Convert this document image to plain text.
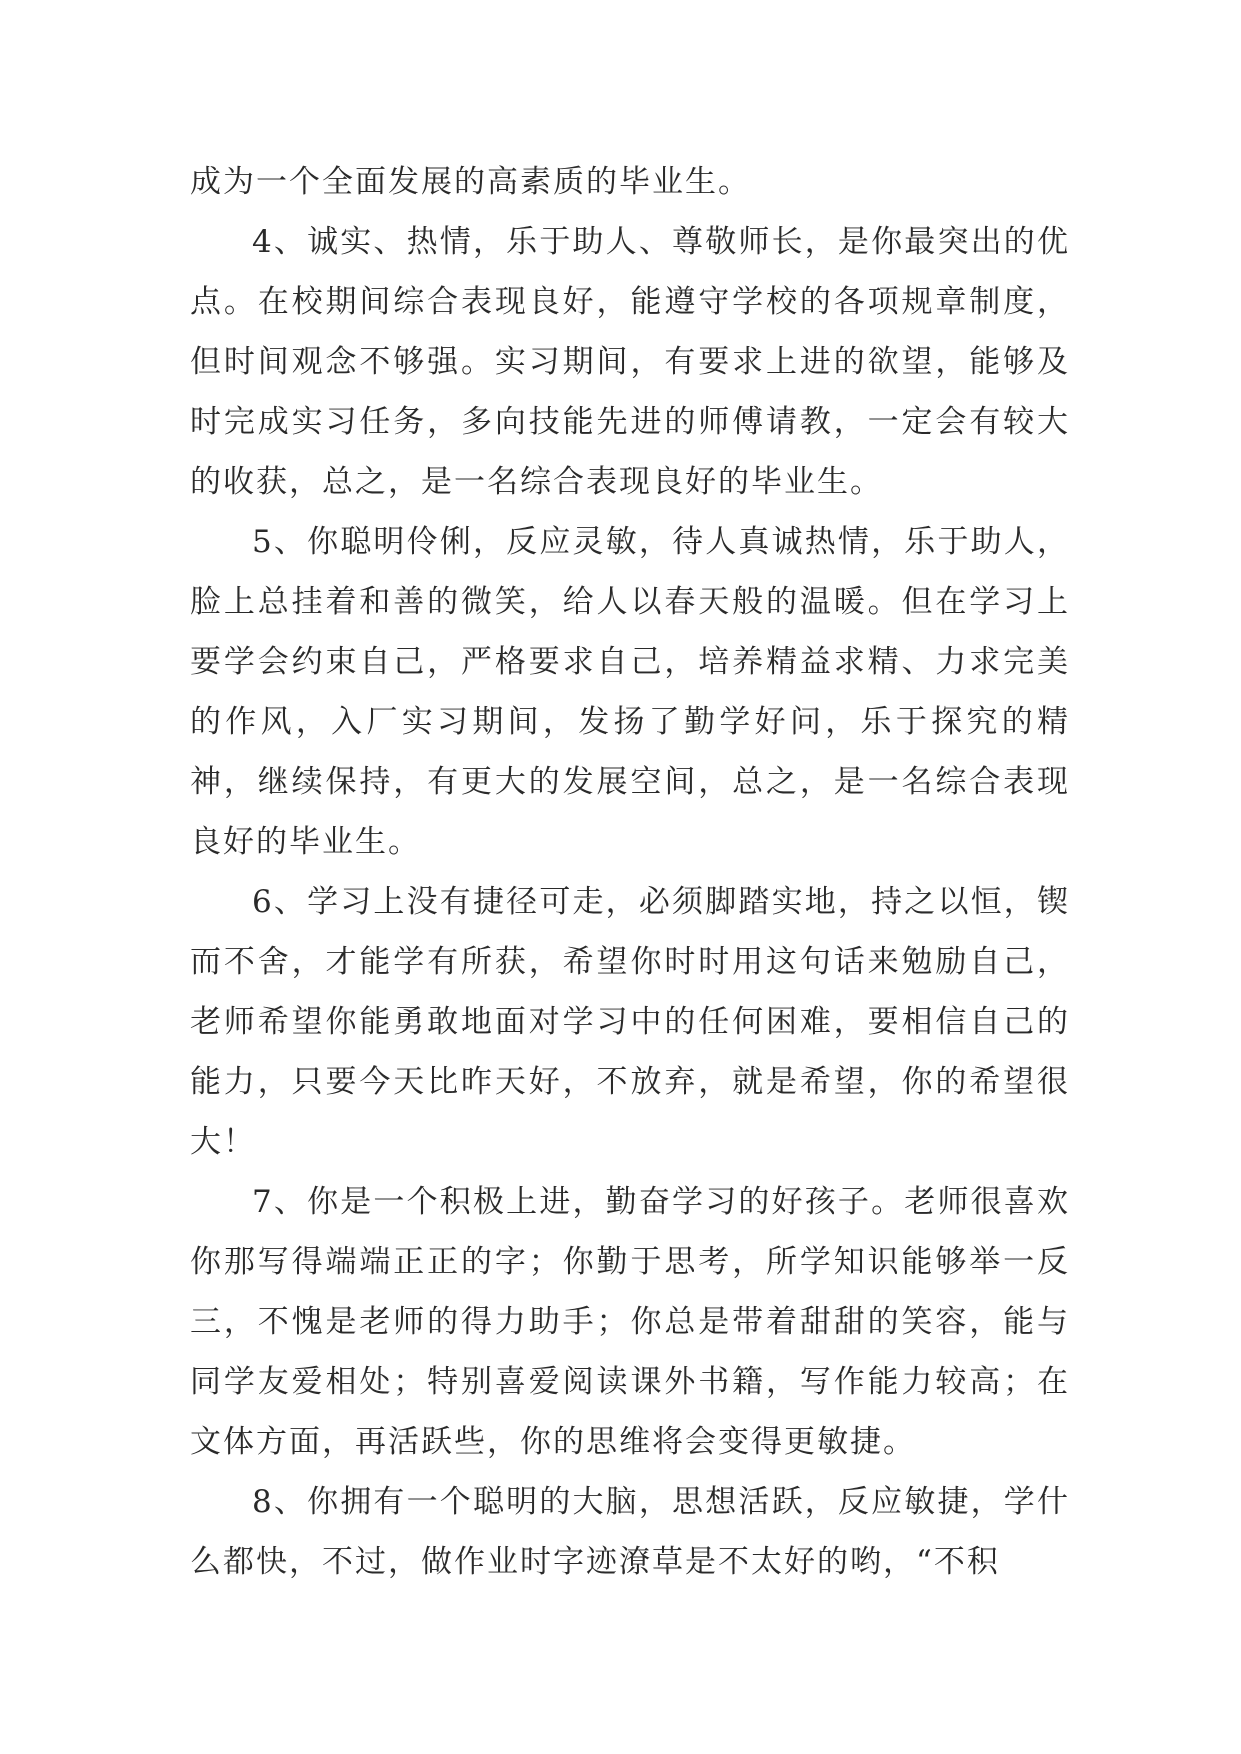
成为一个全面发展的高素质的毕业生。

4、诚实、热情，乐于助人、尊敬师长，是你最突出的优点。在校期间综合表现良好，能遵守学校的各项规章制度，但时间观念不够强。实习期间，有要求上进的欲望，能够及时完成实习任务，多向技能先进的师傅请教，一定会有较大的收获，总之，是一名综合表现良好的毕业生。

5、你聪明伶俐，反应灵敏，待人真诚热情，乐于助人，脸上总挂着和善的微笑，给人以春天般的温暖。但在学习上要学会约束自己，严格要求自己，培养精益求精、力求完美的作风，入厂实习期间，发扬了勤学好问，乐于探究的精神，继续保持，有更大的发展空间，总之，是一名综合表现良好的毕业生。

6、学习上没有捷径可走，必须脚踏实地，持之以恒，锲而不舍，才能学有所获，希望你时时用这句话来勉励自己，老师希望你能勇敢地面对学习中的任何困难，要相信自己的能力，只要今天比昨天好，不放弃，就是希望，你的希望很大！

7、你是一个积极上进，勤奋学习的好孩子。老师很喜欢你那写得端端正正的字；你勤于思考，所学知识能够举一反三，不愧是老师的得力助手；你总是带着甜甜的笑容，能与同学友爱相处；特别喜爱阅读课外书籍，写作能力较高；在文体方面，再活跃些，你的思维将会变得更敏捷。

8、你拥有一个聪明的大脑，思想活跃，反应敏捷，学什么都快，不过，做作业时字迹潦草是不太好的哟，“不积
